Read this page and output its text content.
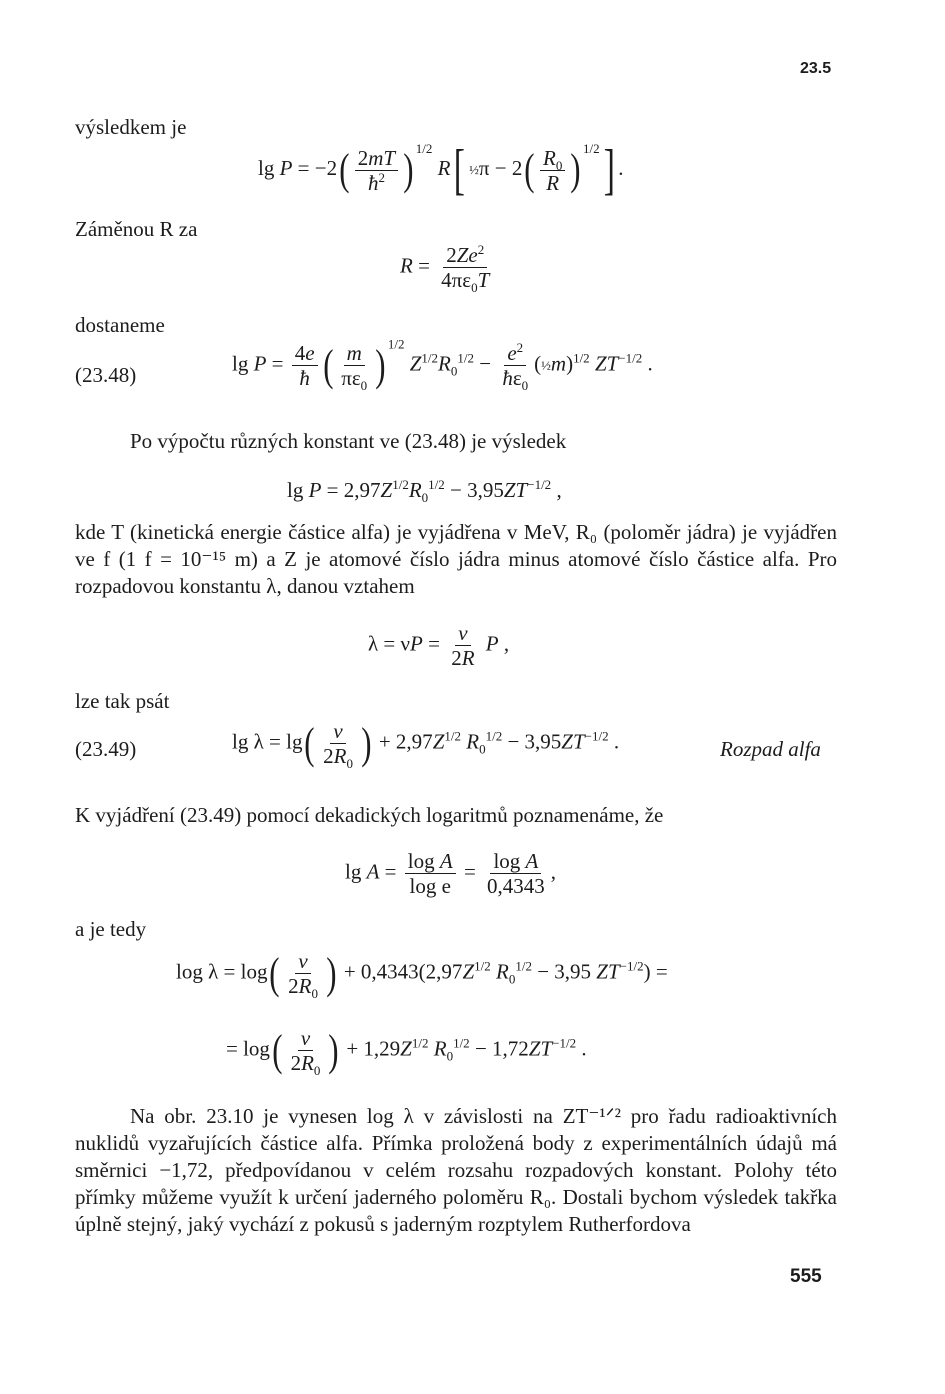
23.5
výsledkem je
$\lg P = -2( \frac{2mT}{ħ^2}$ ) $^{1/2}$ R[ ½π − $2( \frac{R_0}{R}$ ) $^{1/2}$] .
Záměnou R za
$R = \frac{2Ze^2}{4\pi\varepsilon_0T}$
dostaneme
(23.48)	$\lg P = \frac{4e}{ħ}$ ( $\frac{m}{\pi\varepsilon_0}$ ) $^{1/2}$ $Z^{1/2}R_0^{1/2} - \frac{e^2}{ħ\varepsilon_0}$ (½m)$^{1/2}$ $ZT^{-1/2}$ .
Po výpočtu různých konstant ve (23.48) je výsledek
$\lg P = 2,97Z^{1/2}R_0^{1/2} - 3,95ZT^{-1/2}$ ,
kde T (kinetická energie částice alfa) je vyjádřena v MeV, R₀ (poloměr jádra) je vyjádřen ve f (1 f = 10⁻¹⁵ m) a Z je atomové číslo jádra minus atomové číslo částice alfa. Pro rozpadovou konstantu λ, danou vztahem
$\lambda = \nu P = \frac{v}{2R}$ P ,
lze tak psát
(23.49)	$\lg \lambda = \lg( \frac{v}{2R_0}$ ) + $2,97Z^{1/2}$ $R_0^{1/2} - 3,95ZT^{-1/2}$ .	Rozpad alfa
K vyjádření (23.49) pomocí dekadických logaritmů poznamenáme, že
$\lg A = \frac{\text{log A}}{\text{log e}} = \frac{\text{log A}}{0,4343}$ ,
a je tedy
$\log \lambda = \log( \frac{v}{2R_0}$ ) + $0,4343(2,97Z^{1/2}$ $R_0^{1/2} - 3,95$ $ZT^{-1/2}$) =
= $\log( \frac{v}{2R_0}$ ) + $1,29Z^{1/2}$ $R_0^{1/2} - 1,72ZT^{-1/2}$ .
Na obr. 23.10 je vynesen log λ v závislosti na ZT⁻¹ᐟ² pro řadu radioaktivních nuklidů vyzařujících částice alfa. Přímka proložená body z experimentálních údajů má směrnici −1,72, předpovídanou v celém rozsahu rozpadových konstant. Polohy této přímky můžeme využít k určení jaderného poloměru R₀. Dostali bychom výsledek takřka úplně stejný, jaký vychází z pokusů s jaderným rozptylem Rutherfordova
555
